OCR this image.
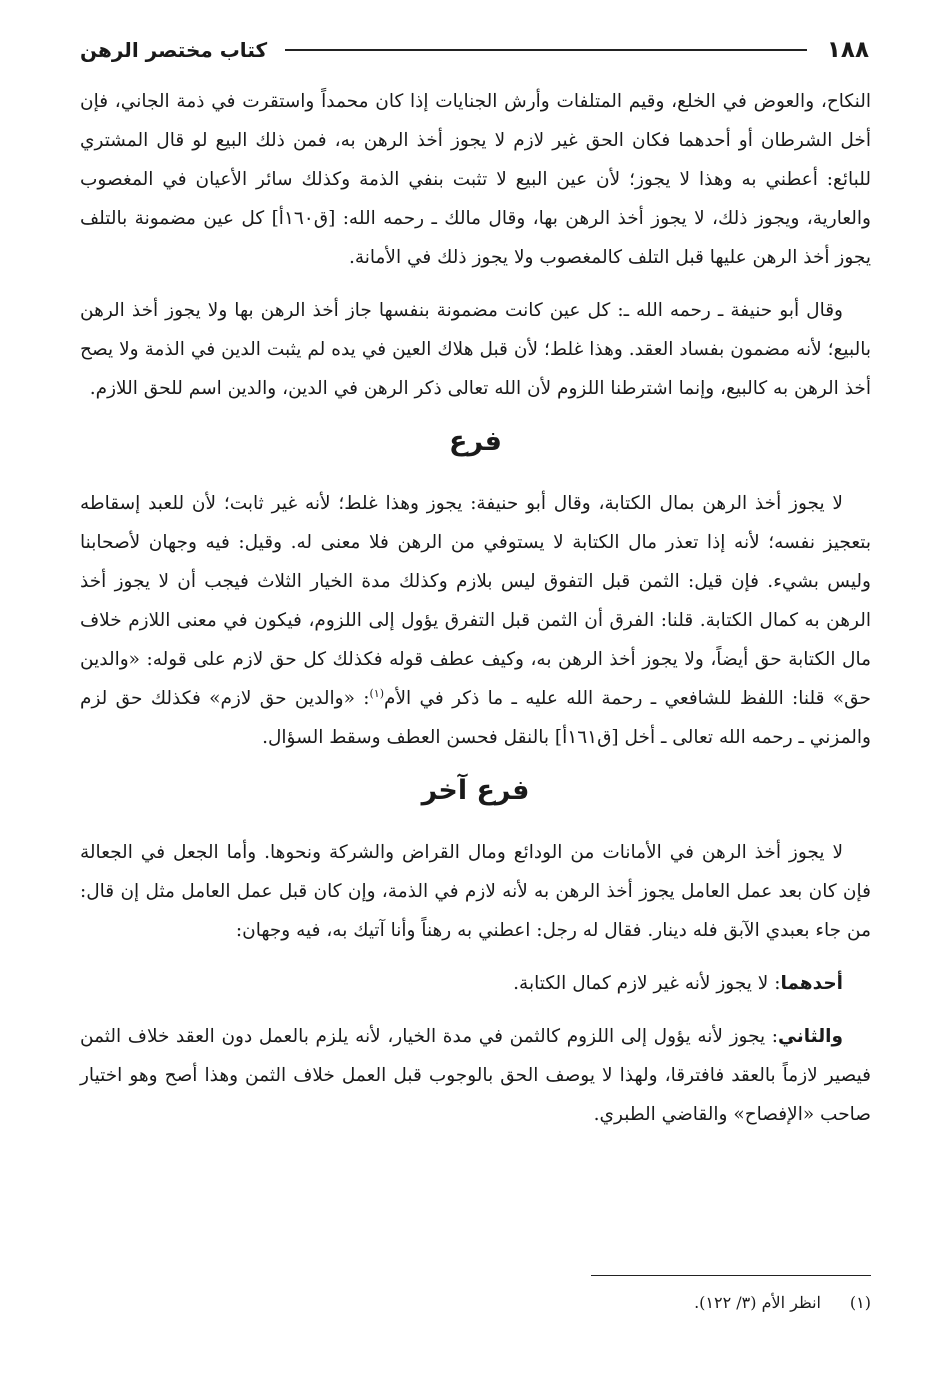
١٨٨
كتاب مختصر الرهن

النكاح، والعوض في الخلع، وقيم المتلفات وأرش الجنايات إذا كان محمداً واستقرت في ذمة الجاني، فإن أخل الشرطان أو أحدهما فكان الحق غير لازم لا يجوز أخذ الرهن به، فمن ذلك البيع لو قال المشتري للبائع: أعطني به وهذا لا يجوز؛ لأن عين البيع لا تثبت بنفي الذمة وكذلك سائر الأعيان في المغصوب والعارية، ويجوز ذلك، لا يجوز أخذ الرهن بها، وقال مالك ـ رحمه الله: [ق١٦٠أ] كل عين مضمونة بالتلف يجوز أخذ الرهن عليها قبل التلف كالمغصوب ولا يجوز ذلك في الأمانة.

وقال أبو حنيفة ـ رحمه الله ـ: كل عين كانت مضمونة بنفسها جاز أخذ الرهن بها ولا يجوز أخذ الرهن بالبيع؛ لأنه مضمون بفساد العقد. وهذا غلط؛ لأن قبل هلاك العين في يده لم يثبت الدين في الذمة ولا يصح أخذ الرهن به كالبيع، وإنما اشترطنا اللزوم لأن الله تعالى ذكر الرهن في الدين، والدين اسم للحق اللازم.

فرع

لا يجوز أخذ الرهن بمال الكتابة، وقال أبو حنيفة: يجوز وهذا غلط؛ لأنه غير ثابت؛ لأن للعبد إسقاطه بتعجيز نفسه؛ لأنه إذا تعذر مال الكتابة لا يستوفي من الرهن فلا معنى له. وقيل: فيه وجهان لأصحابنا وليس بشيء. فإن قيل: الثمن قبل التفوق ليس بلازم وكذلك مدة الخيار الثلاث فيجب أن لا يجوز أخذ الرهن به كمال الكتابة. قلنا: الفرق أن الثمن قبل التفرق يؤول إلى اللزوم، فيكون في معنى اللازم خلاف مال الكتابة حق أيضاً، ولا يجوز أخذ الرهن به، وكيف عطف قوله فكذلك كل حق لازم على قوله: «والدين حق» قلنا: اللفظ للشافعي ـ رحمة الله عليه ـ ما ذكر في الأم$^{(١)}$: «والدين حق لازم» فكذلك حق لزم والمزني ـ رحمه الله تعالى ـ أخل [ق١٦١أ] بالنقل فحسن العطف وسقط السؤال.

فرع آخر

لا يجوز أخذ الرهن في الأمانات من الودائع ومال القراض والشركة ونحوها. وأما الجعل في الجعالة فإن كان بعد عمل العامل يجوز أخذ الرهن به لأنه لازم في الذمة، وإن كان قبل عمل العامل مثل إن قال: من جاء بعبدي الآبق فله دينار. فقال له رجل: اعطني به رهناً وأنا آتيك به، فيه وجهان:

أحدهما: لا يجوز لأنه غير لازم كمال الكتابة.

والثاني: يجوز لأنه يؤول إلى اللزوم كالثمن في مدة الخيار، لأنه يلزم بالعمل دون العقد خلاف الثمن فيصير لازماً بالعقد فافترقا، ولهذا لا يوصف الحق بالوجوب قبل العمل خلاف الثمن وهذا أصح وهو اختيار صاحب «الإفصاح» والقاضي الطبري.

(١)انظر الأم (٣/ ١٢٢).
